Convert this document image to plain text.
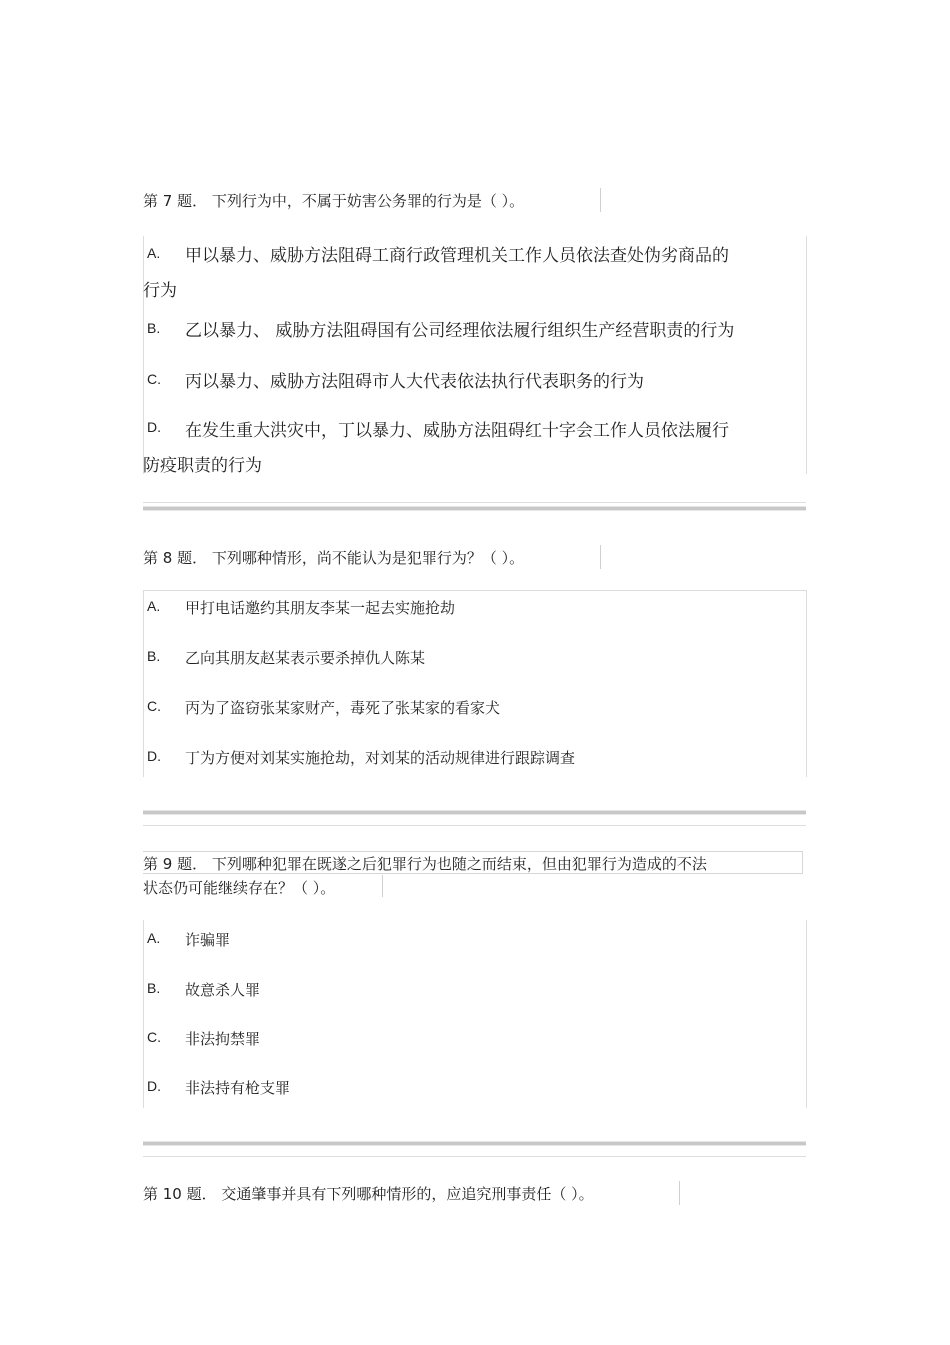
第 7 题． 下列行为中，不属于妨害公务罪的行为是（ ）。
A. 甲以暴力、威胁方法阻碍工商行政管理机关工作人员依法查处伪劣商品的
行为
B. 乙以暴力、 威胁方法阻碍国有公司经理依法履行组织生产经营职责的行为
C. 丙以暴力、威胁方法阻碍市人大代表依法执行代表职务的行为
D. 在发生重大洪灾中，丁以暴力、威胁方法阻碍红十字会工作人员依法履行
防疫职责的行为
第 8 题． 下列哪种情形，尚不能认为是犯罪行为？（ ）。
A. 甲打电话邀约其朋友李某一起去实施抢劫
B. 乙向其朋友赵某表示要杀掉仇人陈某
C. 丙为了盗窃张某家财产，毒死了张某家的看家犬
D. 丁为方便对刘某实施抢劫，对刘某的活动规律进行跟踪调查
第 9 题． 下列哪种犯罪在既遂之后犯罪行为也随之而结束，但由犯罪行为造成的不法
状态仍可能继续存在？（ ）。
A. 诈骗罪
B. 故意杀人罪
C. 非法拘禁罪
D. 非法持有枪支罪
第 10 题． 交通肇事并具有下列哪种情形的，应追究刑事责任（ ）。
